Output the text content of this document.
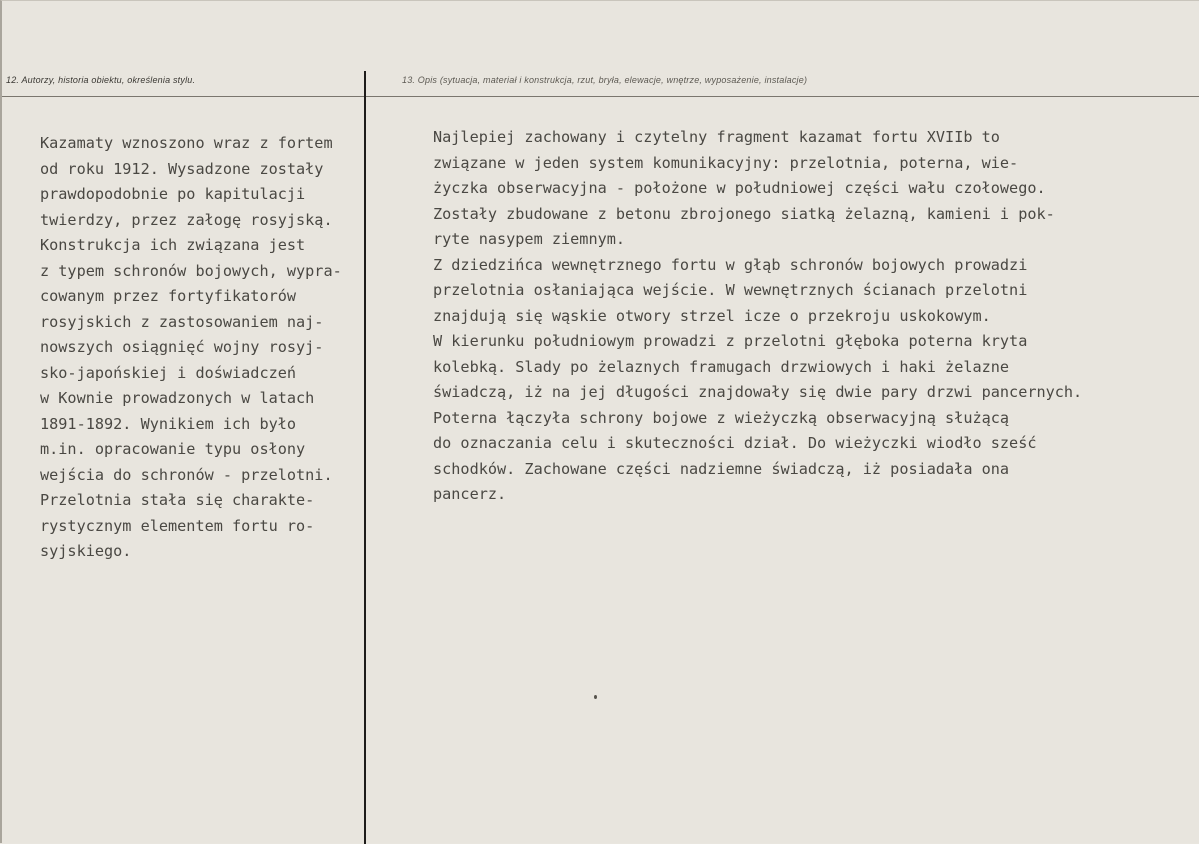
12. Autorzy, historia obiektu, określenia stylu.	13. Opis (sytuacja, materiał i konstrukcja, rzut, bryła, elewacje, wnętrze, wyposażenie, instalacje)
Kazamaty wznoszono wraz z fortem
od roku 1912. Wysadzone zostały
prawdopodobnie po kapitulacji
twierdzy, przez załogę rosyjską.
Konstrukcja ich związana jest
z typem schronów bojowych, wypra-
cowanym przez fortyfikatorów
rosyjskich z zastosowaniem naj-
nowszych osiągnięć wojny rosyj-
sko-japońskiej i doświadczeń
w Kownie prowadzonych w latach
1891-1892. Wynikiem ich było
m.in. opracowanie typu osłony
wejścia do schronów - przelotni.
Przelotnia stała się charakte-
rystycznym elementem fortu ro-
syjskiego.
Najlepiej zachowany i czytelny fragment kazamat fortu XVIIb to
związane w jeden system komunikacyjny: przelotnia, poterna, wie-
życzka obserwacyjna - położone w południowej części wału czołowego.
Zostały zbudowane z betonu zbrojonego siatką żelazną, kamieni i pok-
ryte nasypem ziemnym.
Z dziedzińca wewnętrznego fortu w głąb schronów bojowych prowadzi
przelotnia osłaniająca wejście. W wewnętrznych ścianach przelotni
znajdują się wąskie otwory strzel icze o przekroju uskokowym.
W kierunku południowym prowadzi z przelotni głęboka poterna kryta
kolebką. Slady po żelaznych framugach drzwiowych i haki żelazne
świadczą, iż na jej długości znajdowały się dwie pary drzwi pancernych.
Poterna łączyła schrony bojowe z wieżyczką obserwacyjną służącą
do oznaczania celu i skuteczności dział. Do wieżyczki wiodło sześć
schodków. Zachowane części nadziemne świadczą, iż posiadała ona
pancerz.
